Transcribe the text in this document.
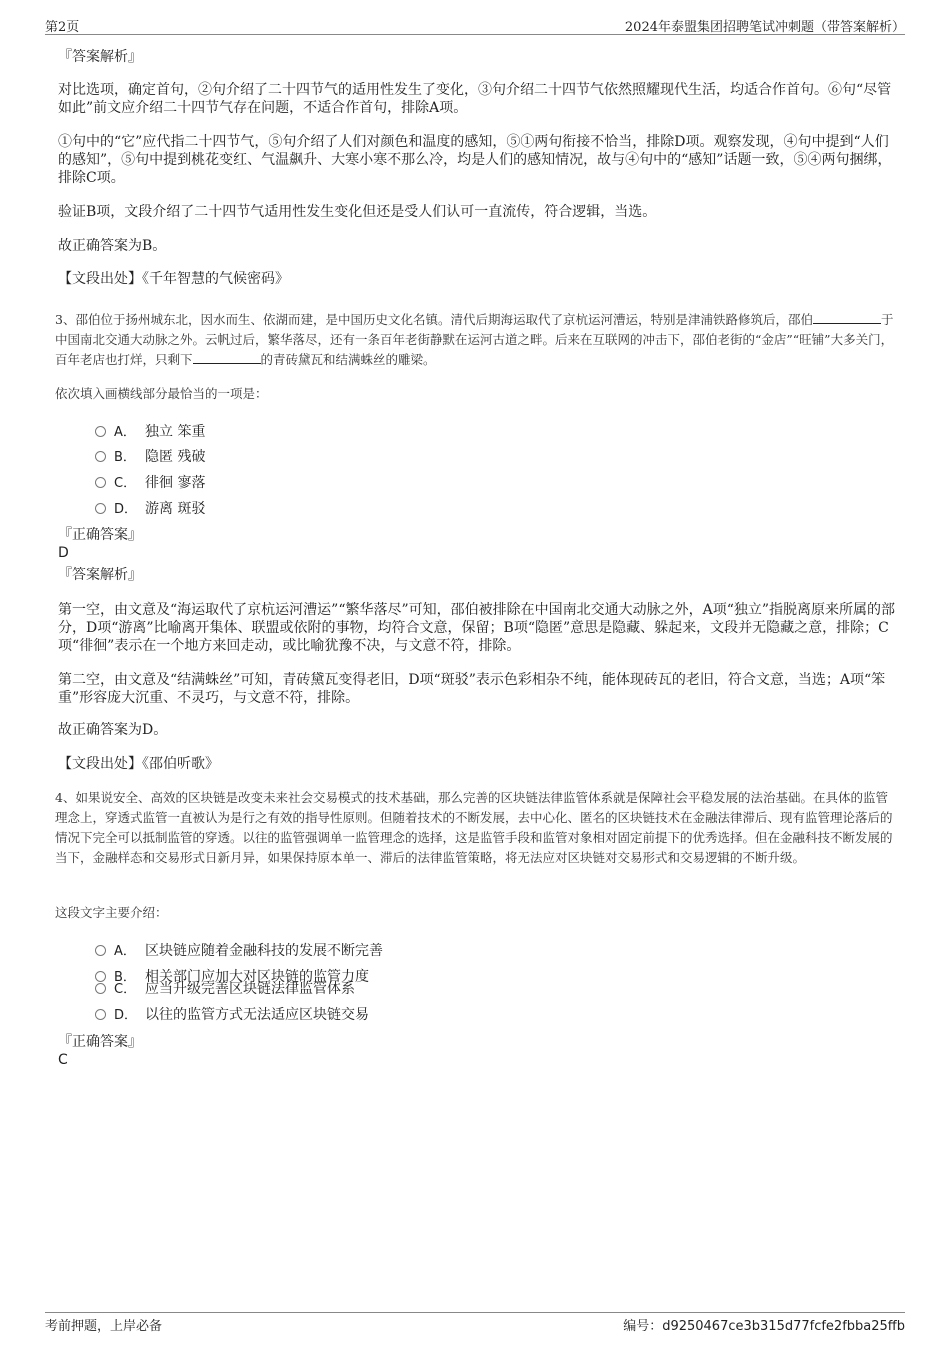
第2页	2024年泰盟集团招聘笔试冲刺题（带答案解析）
『答案解析』
对比选项，确定首句，②句介绍了二十四节气的适用性发生了变化，③句介绍二十四节气依然照耀现代生活，均适合作首句。⑥句“尽管如此”前文应介绍二十四节气存在问题，不适合作首句，排除A项。
①句中的“它”应代指二十四节气，⑤句介绍了人们对颜色和温度的感知，⑤①两句衔接不恰当，排除D项。观察发现，④句中提到“人们的感知”，⑤句中提到桃花变红、气温飙升、大寒小寒不那么冷，均是人们的感知情况，故与④句中的“感知”话题一致，⑤④两句捆绑，排除C项。
验证B项，文段介绍了二十四节气适用性发生变化但还是受人们认可一直流传，符合逻辑，当选。
故正确答案为B。
【文段出处】《千年智慧的气候密码》
3、邵伯位于扬州城东北，因水而生、依湖而建，是中国历史文化名镇。清代后期海运取代了京杭运河漕运，特别是津浦铁路修筑后，邵伯	于中国南北交通大动脉之外。云帆过后，繁华落尽，还有一条百年老街静默在运河古道之畔。后来在互联网的冲击下，邵伯老街的“金店”“旺铺”大多关门，百年老店也打烊，只剩下	的青砖黛瓦和结满蛛丝的雕梁。
依次填入画横线部分最恰当的一项是：
A． 独立 笨重
B． 隐匿 残破
C． 徘徊 寥落
D． 游离 斑驳
『正确答案』
D
『答案解析』
第一空，由文意及“海运取代了京杭运河漕运”“繁华落尽”可知，邵伯被排除在中国南北交通大动脉之外，A项“独立”指脱离原来所属的部分，D项“游离”比喻离开集体、联盟或依附的事物，均符合文意，保留；B项“隐匿”意思是隐藏、躲起来，文段并无隐藏之意，排除；C项“徘徊”表示在一个地方来回走动，或比喻犹豫不决，与文意不符，排除。
第二空，由文意及“结满蛛丝”可知，青砖黛瓦变得老旧，D项“斑驳”表示色彩相杂不纯，能体现砖瓦的老旧，符合文意，当选；A项“笨重”形容庞大沉重、不灵巧，与文意不符，排除。
故正确答案为D。
【文段出处】《邵伯听歌》
4、如果说安全、高效的区块链是改变未来社会交易模式的技术基础，那么完善的区块链法律监管体系就是保障社会平稳发展的法治基础。在具体的监管理念上，穿透式监管一直被认为是行之有效的指导性原则。但随着技术的不断发展，去中心化、匿名的区块链技术在金融法律滞后、现有监管理论落后的情况下完全可以抵制监管的穿透。以往的监管强调单一监管理念的选择，这是监管手段和监管对象相对固定前提下的优秀选择。但在金融科技不断发展的当下，金融样态和交易形式日新月异，如果保持原本单一、滞后的法律监管策略，将无法应对区块链对交易形式和交易逻辑的不断升级。
这段文字主要介绍：
A． 区块链应随着金融科技的发展不断完善
B． 相关部门应加大对区块链的监管力度
C． 应当升级完善区块链法律监管体系
D． 以往的监管方式无法适应区块链交易
『正确答案』
C
考前押题，上岸必备	编号：d9250467ce3b315d77fcfe2fbba25ffb
